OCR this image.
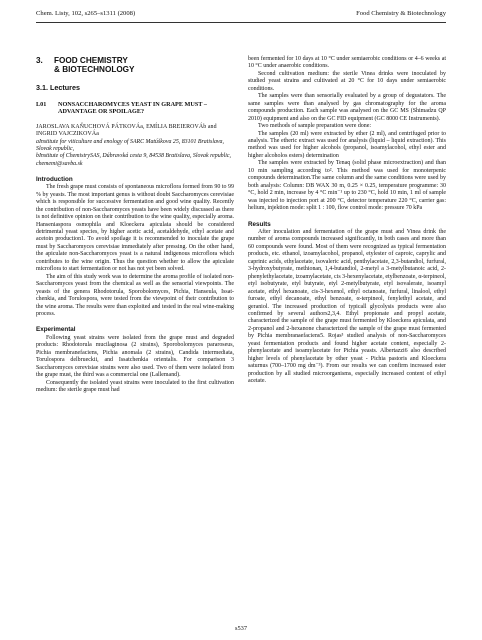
Chem. Listy, 102, s265–s1311 (2008)	Food Chemistry & Biotechnology
3. FOOD CHEMISTRY
& BIOTECHNOLOGY
3.1. Lectures
L01	NONSACCHAROMYCES YEAST IN GRAPE MUST – ADVANTAGE OR SPOILAGE?
JAROSLAVA KAŇUCHOVÁ PÁTKOVÁa, EMÍLIA BREIEROVÁb and INGRID VAJCZIKOVÁa
aInstitute for viticulture and enology of SARC Matúškova 25, 83101 Bratislava, Slovak republic,
bInstitute of ChemistrySAS, Dúbravská cesta 9, 84538 Bratislava, Slovak republic,
chememi@savba.sk
Introduction

The fresh grape must consists of spontaneous microflora formed from 90 to 99 % by yeasts. The most important genus is without doubt Saccharomyces cerevisiae which is responsible for successive fermentation and good wine quality. Recently the contribution of non-Saccharomyces yeasts have been widely discussed as there is not definitive opinion on their contribution to the wine quality, especially aroma. Hanseniaspora osmophila and Kloeckera apiculata should be considered detrimental yeast species, by higher acetic acid, acetaldehyde, ethyl acetate and acetoin production1. To avoid spoilage it is recommended to inoculate the grape must by Saccharomyces cerevisiae immediately after pressing. On the other hand, the apiculate non-Saccharomyces yeast is a natural indigenous microflora which contributes to the wine origin. Thus the question whether to allow the apiculate microflora to start fermentation or not has not yet been solved.

The aim of this study work was to determine the aroma profile of isolated non-Saccharomyces yeast from the chemical as well as the sensorial viewpoints. The yeasts of the genera Rhodotorula, Sporobolomyces, Pichia, Hanseula, Issat-chenkia, and Torulospora, were tested from the viewpoint of their contribution to the wine aroma. The results were than exploited and tested in the real wine-making process.

Experimental

Following yeast strains were isolated from the grape must and degraded products: Rhodotorula mucilaginosa (2 strains), Sporobolomyces pararoseus, Pichia membranefaciens, Pichia anomala (2 strains), Candida intermediata, Torulospora delbrueckii, and Issatchenkia orientalis. For comparison 3 Saccharomyces cerevisiae strains were also used. Two of them were isolated from the grape must, the third was a commercial one (Lallemand).

Consequently the isolated yeast strains were inoculated to the first cultivation medium: the sterile grape must had

been fermented for 10 days at 10 °C under semiaerobic conditions or 4–6 weeks at 10 °C under anaerobic conditions.

Second cultivation medium: the sterile Vinea drinks were inoculated by studied yeast strains and cultivated at 20 °C for 10 days under semiaerobic conditions.

The samples were than sensorially evaluated by a group of degustators. The same samples were than analysed by gas chromatography for the aroma compounds production. Each sample was analysed on the GC MS (Shimadzu QP 2010) equipment and also on the GC FID equipment (GC 8000 CE Instruments).

Two methods of sample preparation were done:

The samples (20 ml) were extracted by ether (2 ml), and centrifuged prior to analysis. The etheric extract was used for analysis (liquid – liquid extraction). This method was used for higher alcohols (propanol, isoamylacohol, ethyl ester and higher alcoholos esters) determination

The samples were extracted by Tenaq (solid phase microextraction) and than 10 min sampling according to². This method was used for monoterpenic compounds determination.The same column and the same conditions were used by both analysis: Column: DB WAX 30 m, 0.25 × 0.25, temperature programme: 30 °C, hold 2 min, increase by 4 °C min⁻¹ up to 230 °C, hold 10 min, 1 ml of sample was injected to injection port at 200 °C, detector temperature 220 °C, carrier gas: helium, injektion mode: split 1 : 100, flow control mode: pressure 70 kPa

Results

After inoculation and fermentation of the grape must and Vinea drink the number of aroma compounds increased significantly, in both cases and more than 60 compounds were found. Most of them were recognized as typical fermentation products, etc. ethanol, izoamylacohol, propanol, etylester of caproic, caprylic and caprinic acids, ethylacetate, isovaleric acid, penthylacetate, 2,3-butandiol, furfural, 3-hydroxybutyrate, methionan, 1,4-butandiol, 2-metyl a 3-metylbutanoic acid, 2-phenylethylacetate, izoamylacetate, cis 3-hexenylacetate, etylbenzoate, α-terpineol, etyl isobutyrate, etyl butyrate, etyl 2-metylbutyrate, etyl isovalerate, isoamyl acetate, ethyl hexanoate, cis-3-hexenol, ethyl octanoate, furfural, linalool, ethyl furoate, ethyl decanoate, ethyl benzoate, α-terpineol, fenylethyl acetate, and geraniol. The increased production of typicall glycolysis products were also confirmed by several authors2,3,4. Ethyl propionate and propyl acetate, characterized the sample of the grape must fermented by Kloeckera apiculata, and 2-propanol and 2-hexanone characterized the sample of the grape must fermented by Pichia membranaefaciens5. Rojas³ studied analysis of non-Saccharomyces yeast fermentation products and found higher acetate content, especially 2-phenylacetate and isoamylacetate for Pichia yeasts. Albertazzi6 also described higher levels of phenylacetate by other yeast - Pichia pastoris and Kloeckera saturnus (700–1700 mg dm⁻³). From our results we can confirm increased ester production by all studied microorganisms, especially increased content of ethyl acetate.

s537
